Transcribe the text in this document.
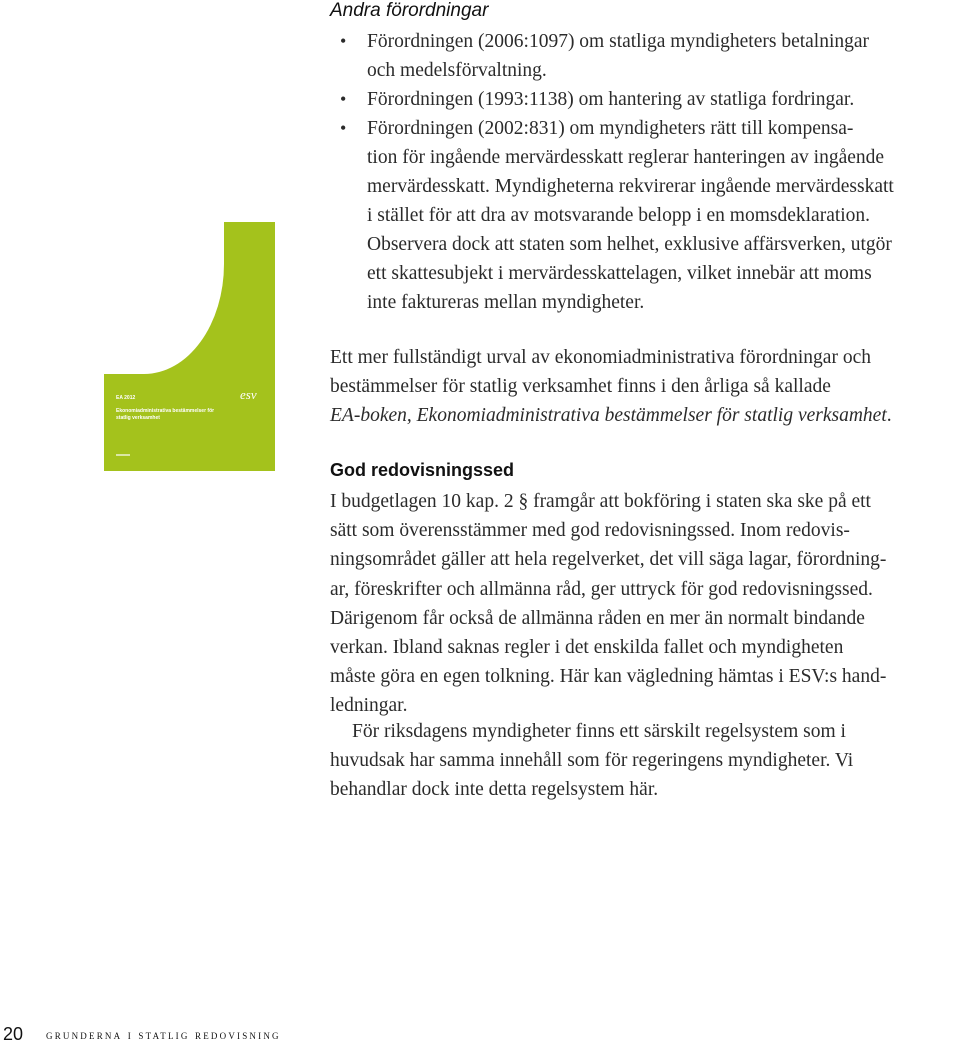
Andra förordningar
• Förordningen (2006:1097) om statliga myndigheters betalningar
och medelsförvaltning.
• Förordningen (1993:1138) om hantering av statliga fordringar.
• Förordningen (2002:831) om myndigheters rätt till kompensa-
tion för ingående mervärdesskatt reglerar hanteringen av ingående
mervärdesskatt. Myndigheterna rekvirerar ingående mervärdesskatt
i stället för att dra av motsvarande belopp i en momsdeklaration.
Observera dock att staten som helhet, exklusive affärsverken, utgör
ett skattesubjekt i mervärdesskattelagen, vilket innebär att moms
inte faktureras mellan myndigheter.
esv
EA 2012
Ekonomiadministrativa bestämmelser för statlig verksamhet

Ett mer fullständigt urval av ekonomiadministrativa förordningar och
bestämmelser för statlig verksamhet finns i den årliga så kallade
EA-boken, Ekonomiadministrativa bestämmelser för statlig verksamhet.

God redovisningssed

I budgetlagen 10 kap. 2 § framgår att bokföring i staten ska ske på ett
sätt som överensstämmer med god redovisningssed. Inom redovis-
ningsområdet gäller att hela regelverket, det vill säga lagar, förordning-
ar, föreskrifter och allmänna råd, ger uttryck för god redovisningssed.
Därigenom får också de allmänna råden en mer än normalt bindande
verkan. Ibland saknas regler i det enskilda fallet och myndigheten
måste göra en egen tolkning. Här kan vägledning hämtas i ESV:s hand-
ledningar.

För riksdagens myndigheter finns ett särskilt regelsystem som i
huvudsak har samma innehåll som för regeringens myndigheter. Vi
behandlar dock inte detta regelsystem här.

20 grunderna i statlig redovisning
